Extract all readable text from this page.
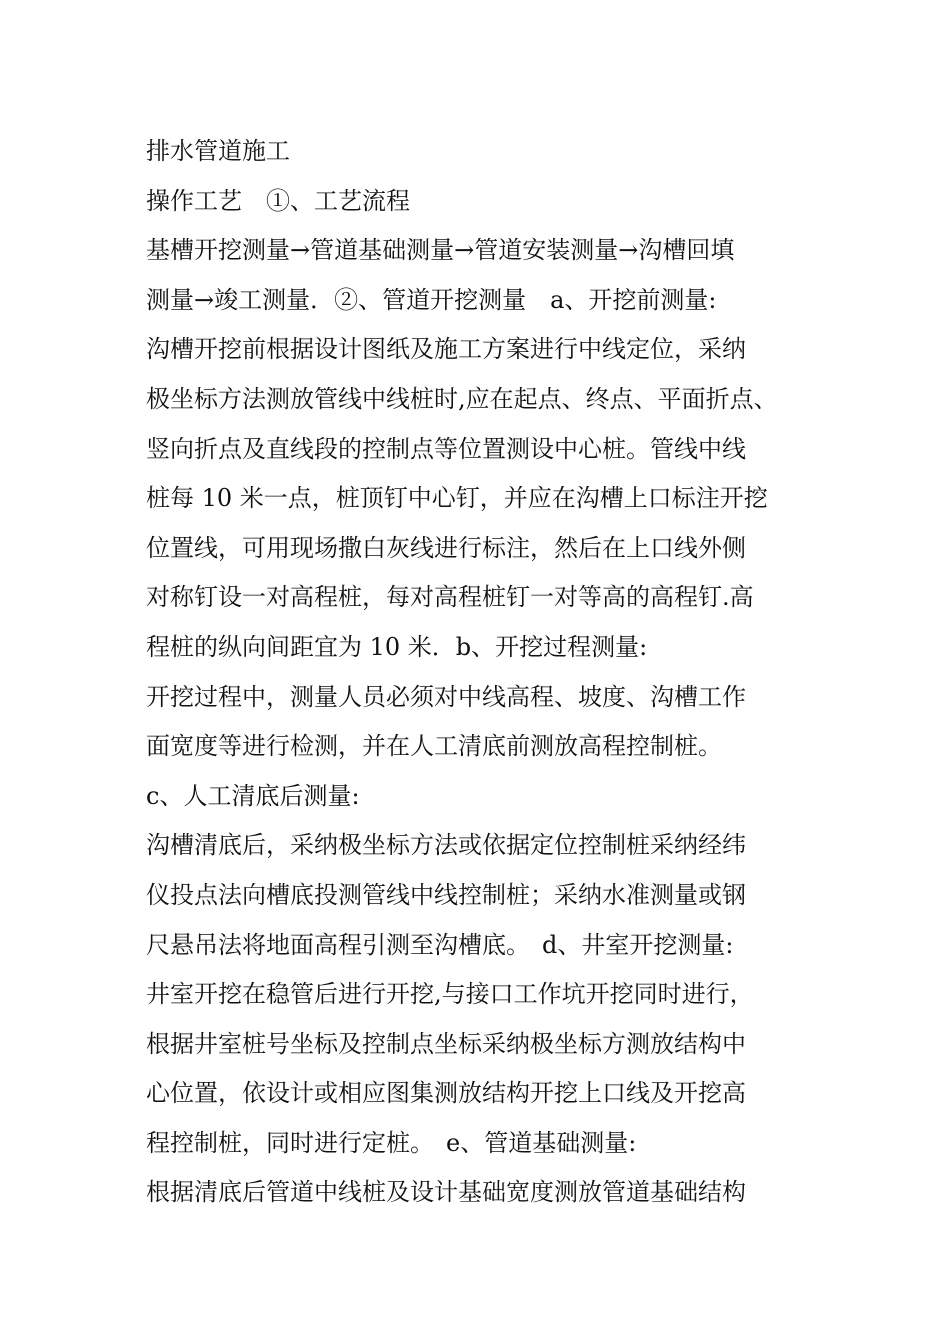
排水管道施工
操作工艺　①、工艺流程
基槽开挖测量→管道基础测量→管道安装测量→沟槽回填
测量→竣工测量．②、管道开挖测量　a、开挖前测量:
沟槽开挖前根据设计图纸及施工方案进行中线定位，采纳
极坐标方法测放管线中线桩时,应在起点、终点、平面折点、
竖向折点及直线段的控制点等位置测设中心桩。管线中线
桩每 10 米一点，桩顶钉中心钉，并应在沟槽上口标注开挖
位置线，可用现场撒白灰线进行标注，然后在上口线外侧
对称钉设一对高程桩，每对高程桩钉一对等高的高程钉.高
程桩的纵向间距宜为 10 米．b、开挖过程测量:
开挖过程中，测量人员必须对中线高程、坡度、沟槽工作
面宽度等进行检测，并在人工清底前测放高程控制桩。
c、人工清底后测量:
沟槽清底后，采纳极坐标方法或依据定位控制桩采纳经纬
仪投点法向槽底投测管线中线控制桩；采纳水准测量或钢
尺悬吊法将地面高程引测至沟槽底。　d、井室开挖测量:
井室开挖在稳管后进行开挖,与接口工作坑开挖同时进行，
根据井室桩号坐标及控制点坐标采纳极坐标方测放结构中
心位置，依设计或相应图集测放结构开挖上口线及开挖高
程控制桩，同时进行定桩。　e、管道基础测量:
根据清底后管道中线桩及设计基础宽度测放管道基础结构
